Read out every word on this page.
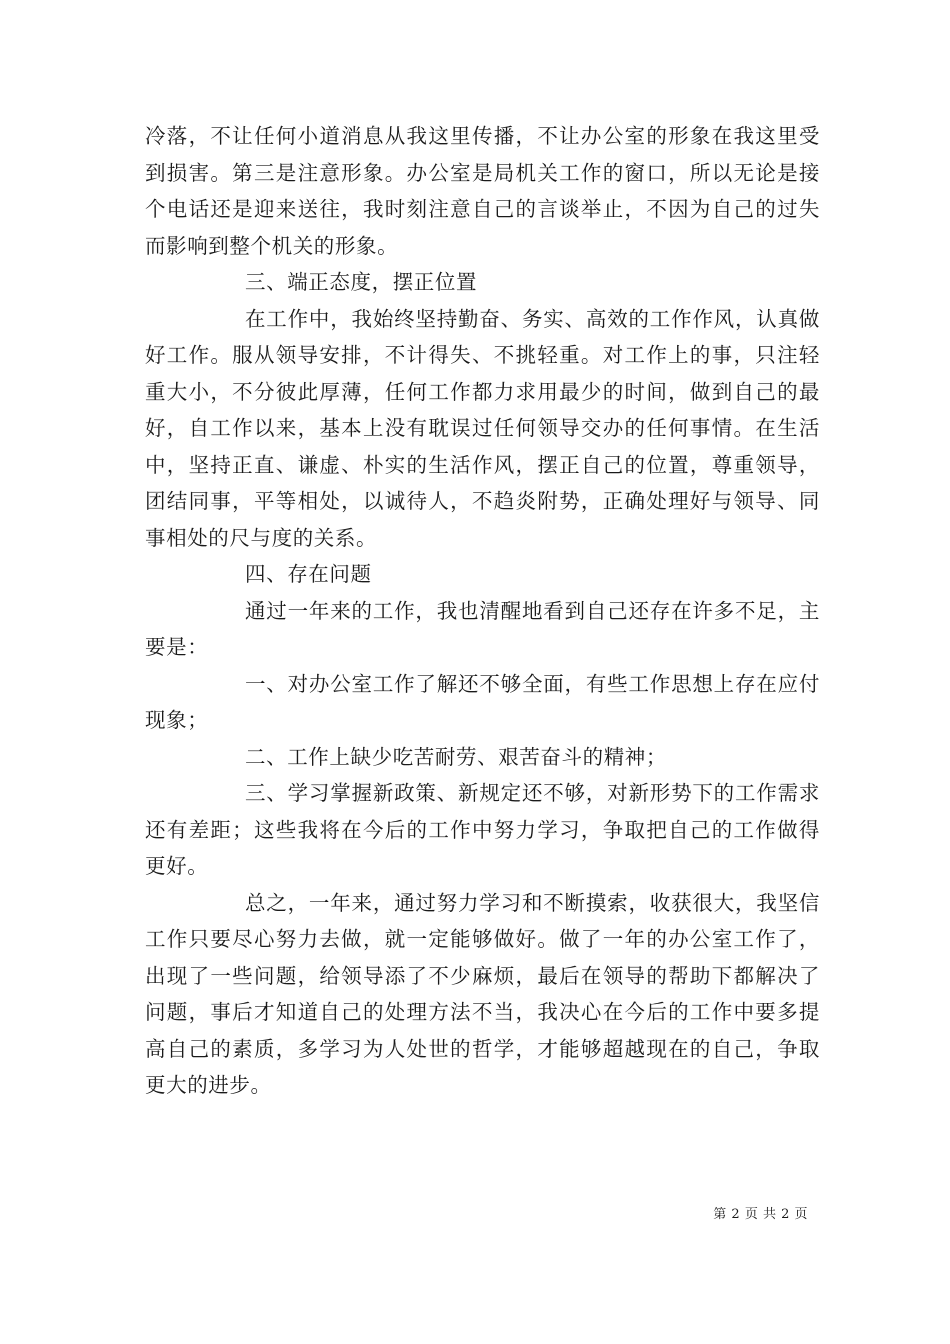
冷落，不让任何小道消息从我这里传播，不让办公室的形象在我这里受到损害。第三是注意形象。办公室是局机关工作的窗口，所以无论是接个电话还是迎来送往，我时刻注意自己的言谈举止，不因为自己的过失而影响到整个机关的形象。

三、端正态度，摆正位置

在工作中，我始终坚持勤奋、务实、高效的工作作风，认真做好工作。服从领导安排，不计得失、不挑轻重。对工作上的事，只注轻重大小，不分彼此厚薄，任何工作都力求用最少的时间，做到自己的最好，自工作以来，基本上没有耽误过任何领导交办的任何事情。在生活中，坚持正直、谦虚、朴实的生活作风，摆正自己的位置，尊重领导，团结同事，平等相处，以诚待人，不趋炎附势，正确处理好与领导、同事相处的尺与度的关系。

四、存在问题

通过一年来的工作，我也清醒地看到自己还存在许多不足，主要是：

一、对办公室工作了解还不够全面，有些工作思想上存在应付现象；

二、工作上缺少吃苦耐劳、艰苦奋斗的精神；

三、学习掌握新政策、新规定还不够，对新形势下的工作需求还有差距；这些我将在今后的工作中努力学习，争取把自己的工作做得更好。

总之，一年来，通过努力学习和不断摸索，收获很大，我坚信工作只要尽心努力去做，就一定能够做好。做了一年的办公室工作了，出现了一些问题，给领导添了不少麻烦，最后在领导的帮助下都解决了问题，事后才知道自己的处理方法不当，我决心在今后的工作中要多提高自己的素质，多学习为人处世的哲学，才能够超越现在的自己，争取更大的进步。

第 2 页 共 2 页
